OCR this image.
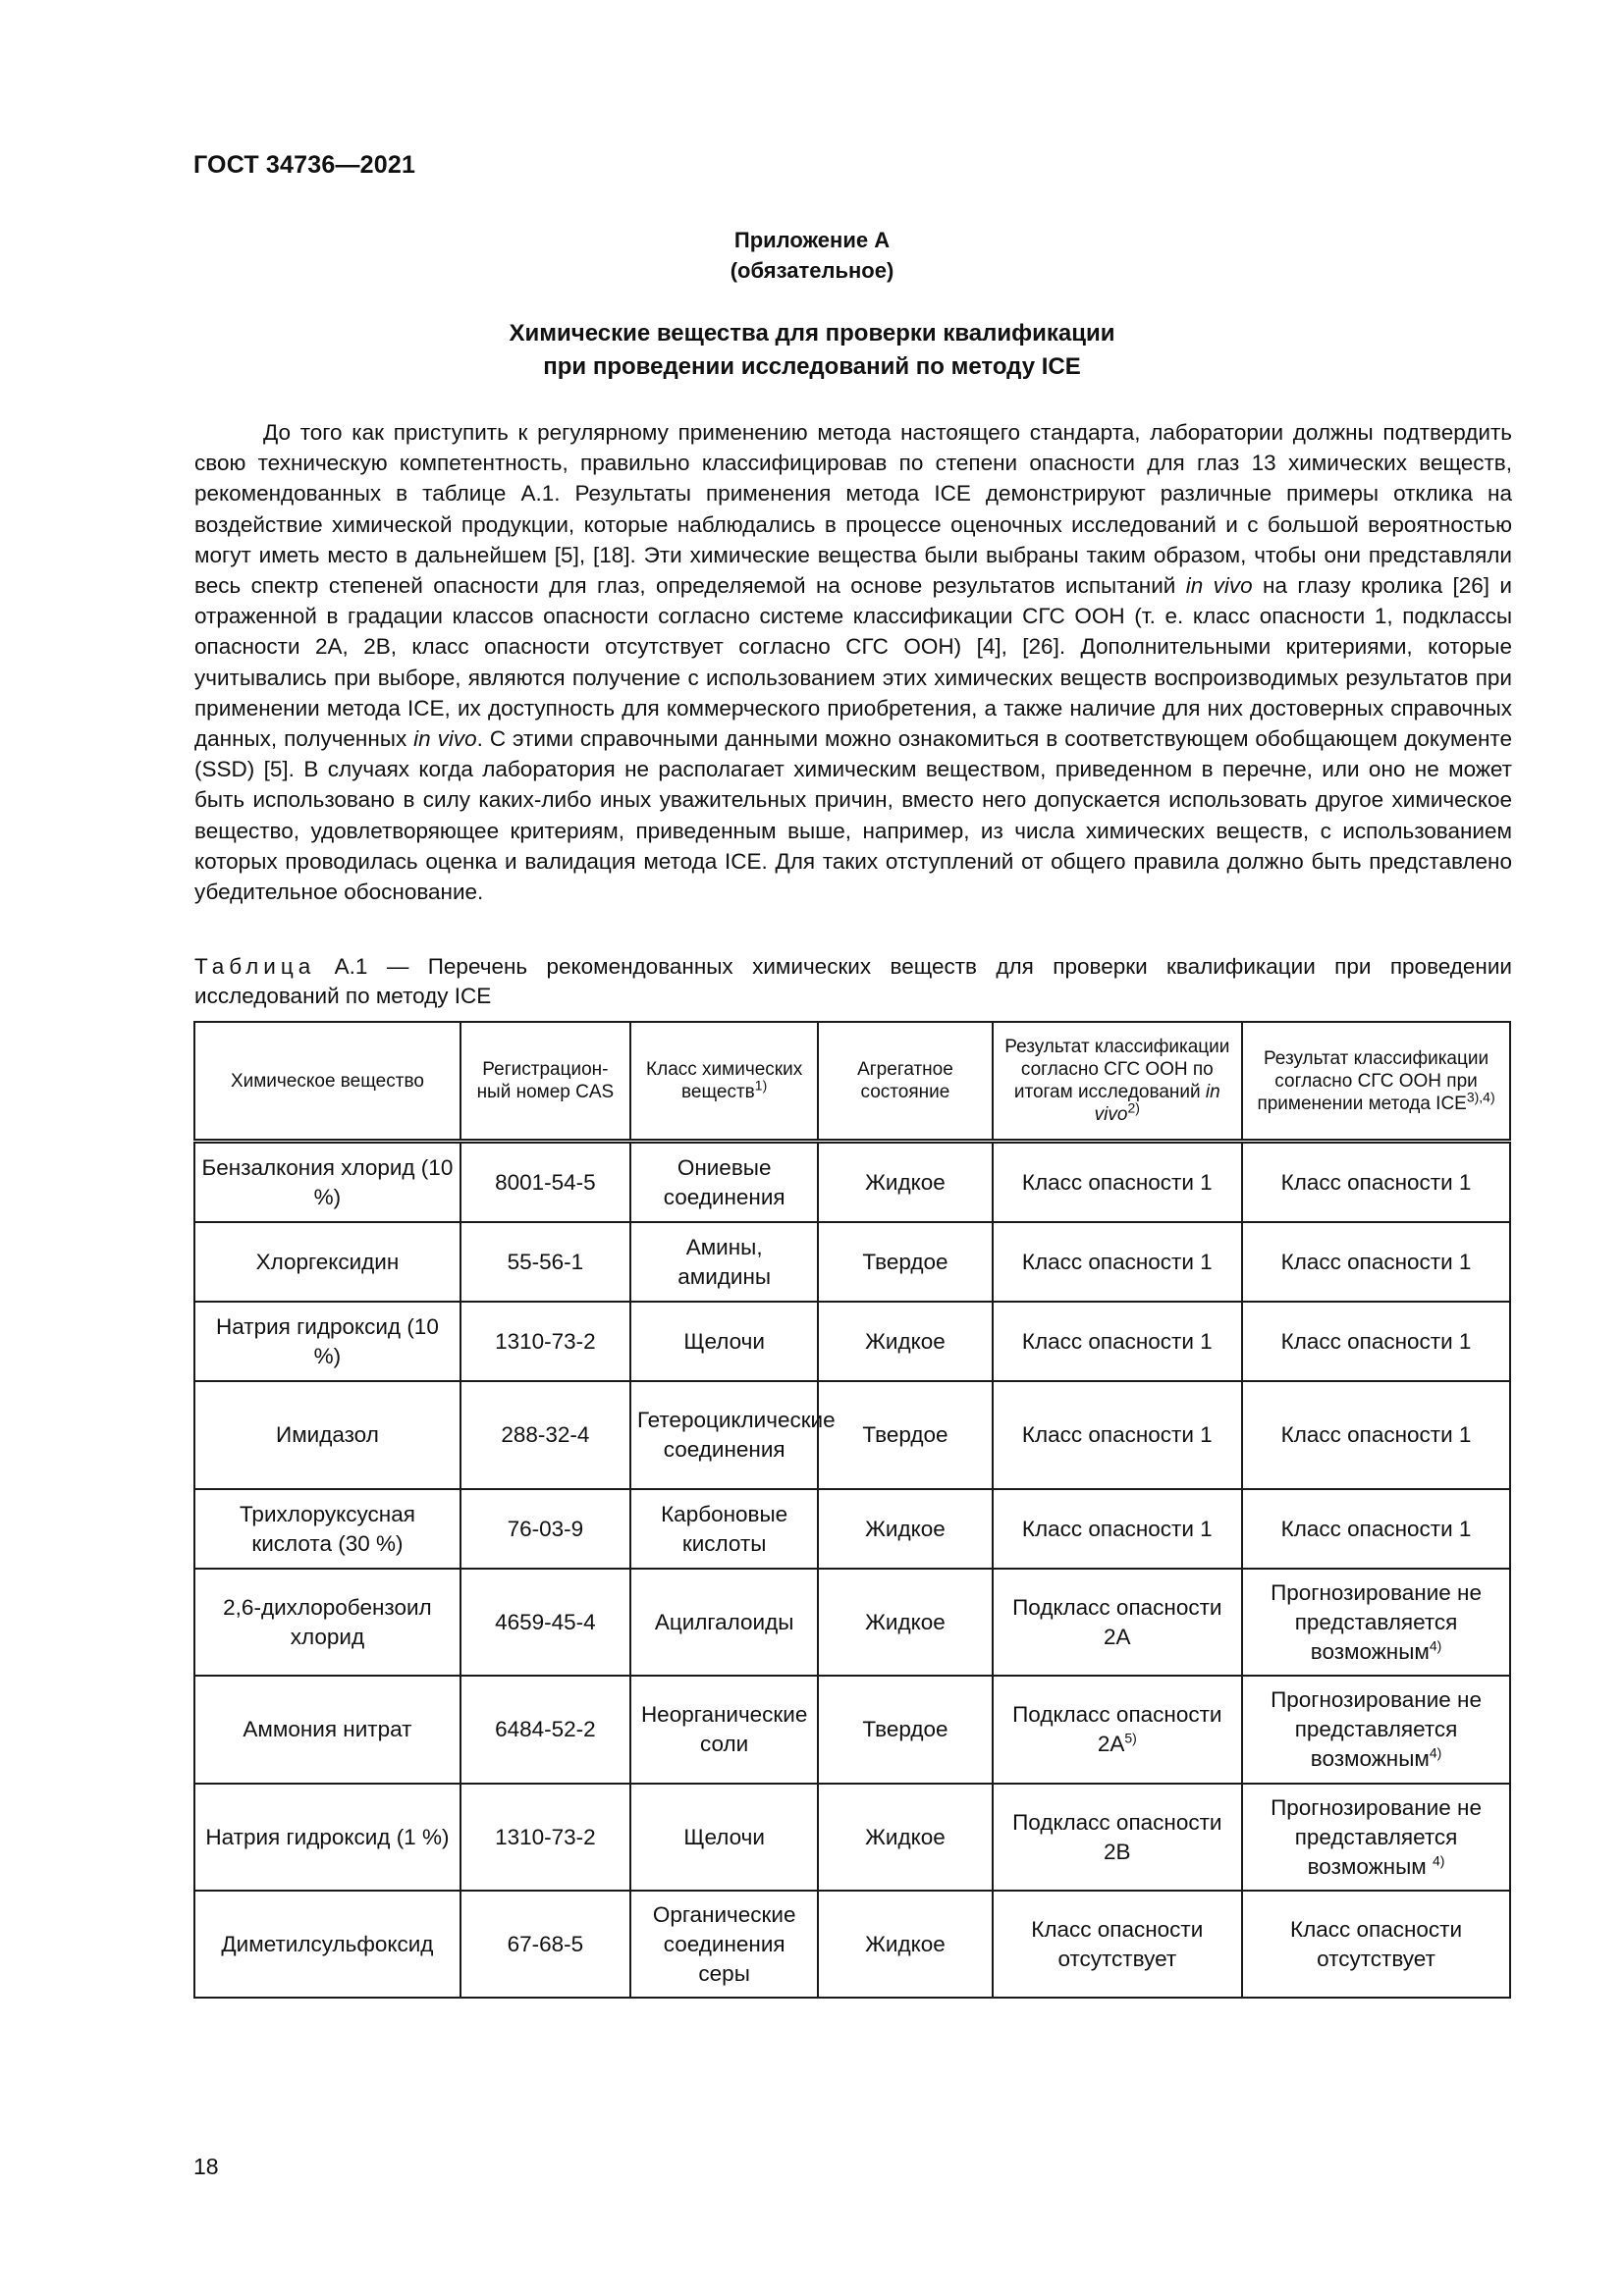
ГОСТ 34736—2021
Приложение А
(обязательное)
Химические вещества для проверки квалификации
при проведении исследований по методу ICE

До того как приступить к регулярному применению метода настоящего стандарта, лаборатории должны подтвердить свою техническую компетентность, правильно классифицировав по степени опасности для глаз 13 химических веществ, рекомендованных в таблице А.1. Результаты применения метода ICE демонстрируют различные примеры отклика на воздействие химической продукции, которые наблюдались в процессе оценочных исследований и с большой вероятностью могут иметь место в дальнейшем [5], [18]. Эти химические вещества были выбраны таким образом, чтобы они представляли весь спектр степеней опасности для глаз, определяемой на основе результатов испытаний in vivo на глазу кролика [26] и отраженной в градации классов опасности согласно системе классификации СГС ООН (т. е. класс опасности 1, подклассы опасности 2А, 2В, класс опасности отсутствует согласно СГС ООН) [4], [26]. Дополнительными критериями, которые учитывались при выборе, являются получение с использованием этих химических веществ воспроизводимых результатов при применении метода ICE, их доступность для коммерческого приобретения, а также наличие для них достоверных справочных данных, полученных in vivo. С этими справочными данными можно ознакомиться в соответствующем обобщающем документе (SSD) [5]. В случаях когда лаборатория не располагает химическим веществом, приведенном в перечне, или оно не может быть использовано в силу каких-либо иных уважительных причин, вместо него допускается использовать другое химическое вещество, удовлетворяющее критериям, приведенным выше, например, из числа химических веществ, с использованием которых проводилась оценка и валидация метода ICE. Для таких отступлений от общего правила должно быть представлено убедительное обоснование.

Таблица А.1 — Перечень рекомендованных химических веществ для проверки квалификации при проведении исследований по методу ICE
Химическое вещество	Регистрацион-ный номер CAS	Класс химических веществ$^{1)}$	Агрегатное состояние	Результат классификации согласно СГС ООН по итогам исследований in vivo$^{2)}$	Результат классификации согласно СГС ООН при применении метода $ICE^{3),4)}$
Бензалкония хлорид (10 %)	8001-54-5	Ониевые соединения	Жидкое	Класс опасности 1	Класс опасности 1
Хлоргексидин	55-56-1	Амины, амидины	Твердое	Класс опасности 1	Класс опасности 1
Натрия гидроксид (10 %)	1310-73-2	Щелочи	Жидкое	Класс опасности 1	Класс опасности 1
Имидазол	288-32-4	Гетероциклические соединения	Твердое	Класс опасности 1	Класс опасности 1
Трихлоруксусная кислота (30 %)	76-03-9	Карбоновые кислоты	Жидкое	Класс опасности 1	Класс опасности 1
2,6-дихлоробензоил хлорид	4659-45-4	Ацилгалоиды	Жидкое	Подкласс опасности 2А	Прогнозирование не представляется возможным$^{4)}$
Аммония нитрат	6484-52-2	Неорганические соли	Твердое	Подкласс опасности $2А^{5)}$	Прогнозирование не представляется возможным$^{4)}$
Натрия гидроксид (1 %)	1310-73-2	Щелочи	Жидкое	Подкласс опасности 2В	Прогнозирование не представляется возможным $^{4)}$
Диметилсульфоксид	67-68-5	Органические соединения серы	Жидкое	Класс опасности отсутствует	Класс опасности отсутствует
18
